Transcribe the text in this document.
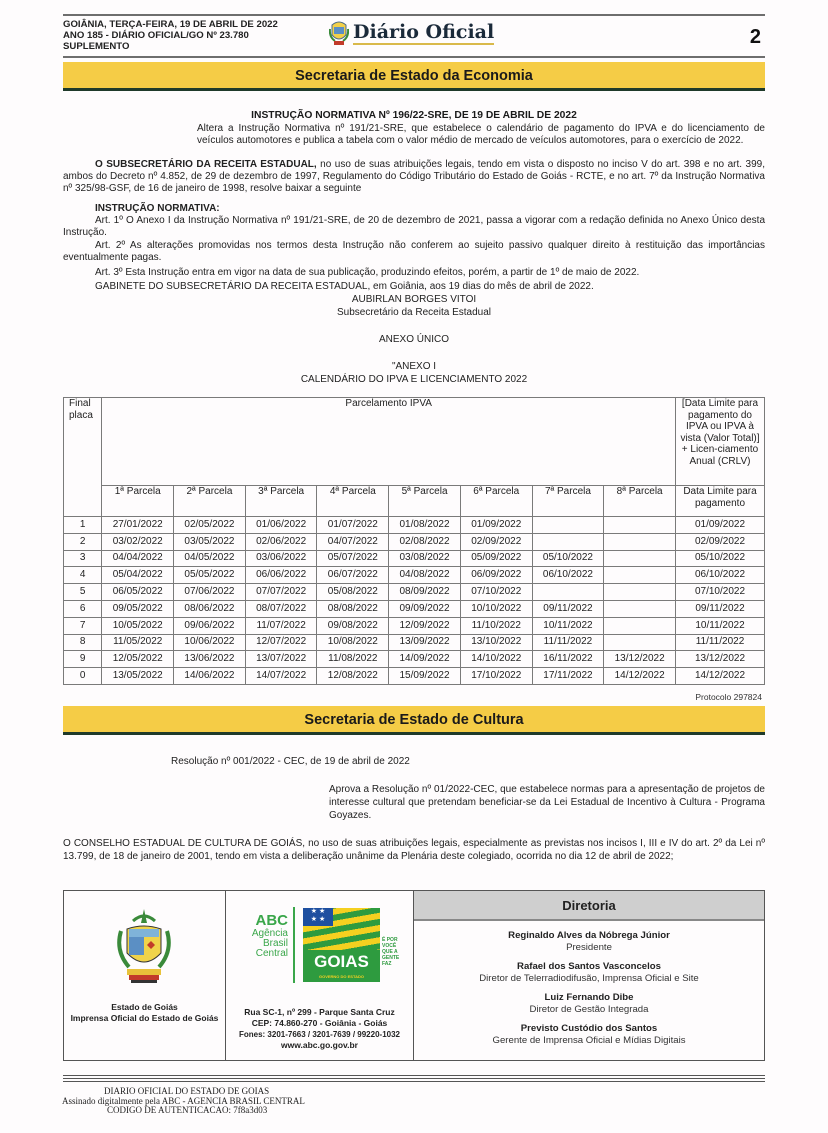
GOIÂNIA, TERÇA-FEIRA, 19 DE ABRIL DE 2022
ANO 185 - DIÁRIO OFICIAL/GO Nº 23.780
SUPLEMENTO
Diário Oficial	2
Secretaria de Estado da Economia
INSTRUÇÃO NORMATIVA Nº 196/22-SRE, DE 19 DE ABRIL DE 2022
Altera a Instrução Normativa nº 191/21-SRE, que estabelece o calendário de pagamento do IPVA e do licenciamento de veículos automotores e publica a tabela com o valor médio de mercado de veículos automotores, para o exercício de 2022.
O SUBSECRETÁRIO DA RECEITA ESTADUAL, no uso de suas atribuições legais, tendo em vista o disposto no inciso V do art. 398 e no art. 399, ambos do Decreto nº 4.852, de 29 de dezembro de 1997, Regulamento do Código Tributário do Estado de Goiás - RCTE, e no art. 7º da Instrução Normativa nº 325/98-GSF, de 16 de janeiro de 1998, resolve baixar a seguinte
INSTRUÇÃO NORMATIVA:
Art. 1º O Anexo I da Instrução Normativa nº 191/21-SRE, de 20 de dezembro de 2021, passa a vigorar com a redação definida no Anexo Único desta Instrução.
Art. 2º As alterações promovidas nos termos desta Instrução não conferem ao sujeito passivo qualquer direito à restituição das importâncias eventualmente pagas.
Art. 3º Esta Instrução entra em vigor na data de sua publicação, produzindo efeitos, porém, a partir de 1º de maio de 2022.
GABINETE DO SUBSECRETÁRIO DA RECEITA ESTADUAL, em Goiânia, aos 19 dias do mês de abril de 2022.
AUBIRLAN BORGES VITOI
Subsecretário da Receita Estadual
ANEXO ÚNICO
"ANEXO I
CALENDÁRIO DO IPVA E LICENCIAMENTO 2022
Final placa	Parcelamento IPVA								[Data Limite para pagamento do IPVA ou IPVA à vista (Valor Total)] + Licen-ciamento Anual (CRLV)
	1ª Parcela	2ª Parcela	3ª Parcela	4ª Parcela	5ª Parcela	6ª Parcela	7ª Parcela	8ª Parcela	Data Limite para pagamento
1	27/01/2022	02/05/2022	01/06/2022	01/07/2022	01/08/2022	01/09/2022			01/09/2022
2	03/02/2022	03/05/2022	02/06/2022	04/07/2022	02/08/2022	02/09/2022			02/09/2022
3	04/04/2022	04/05/2022	03/06/2022	05/07/2022	03/08/2022	05/09/2022	05/10/2022		05/10/2022
4	05/04/2022	05/05/2022	06/06/2022	06/07/2022	04/08/2022	06/09/2022	06/10/2022		06/10/2022
5	06/05/2022	07/06/2022	07/07/2022	05/08/2022	08/09/2022	07/10/2022			07/10/2022
6	09/05/2022	08/06/2022	08/07/2022	08/08/2022	09/09/2022	10/10/2022	09/11/2022		09/11/2022
7	10/05/2022	09/06/2022	11/07/2022	09/08/2022	12/09/2022	11/10/2022	10/11/2022		10/11/2022
8	11/05/2022	10/06/2022	12/07/2022	10/08/2022	13/09/2022	13/10/2022	11/11/2022		11/11/2022
9	12/05/2022	13/06/2022	13/07/2022	11/08/2022	14/09/2022	14/10/2022	16/11/2022	13/12/2022	13/12/2022
0	13/05/2022	14/06/2022	14/07/2022	12/08/2022	15/09/2022	17/10/2022	17/11/2022	14/12/2022	14/12/2022
Protocolo 297824
Secretaria de Estado de Cultura
Resolução nº 001/2022 - CEC, de 19 de abril de 2022
Aprova a Resolução nº 01/2022-CEC, que estabelece normas para a apresentação de projetos de interesse cultural que pretendam beneficiar-se da Lei Estadual de Incentivo à Cultura - Programa Goyazes.
O CONSELHO ESTADUAL DE CULTURA DE GOIÁS, no uso de suas atribuições legais, especialmente as previstas nos incisos I, III e IV do art. 2º da Lei nº 13.799, de 18 de janeiro de 2001, tendo em vista a deliberação unânime da Plenária deste colegiado, ocorrida no dia 12 de abril de 2022;
Estado de Goiás
Imprensa Oficial do Estado de Goiás
ABC
Agência
Brasil
Central
★ ★
★ ★
GOIAS
GOVERNO DO ESTADO
É POR
VOCÊ
QUE A
GENTE
FAZ
Rua SC-1, nº 299 - Parque Santa Cruz
CEP: 74.860-270 - Goiânia - Goiás
Fones: 3201-7663 / 3201-7639 / 99220-1032
www.abc.go.gov.br
Diretoria
Reginaldo Alves da Nóbrega Júnior
Presidente
Rafael dos Santos Vasconcelos
Diretor de Telerradiodifusão, Imprensa Oficial e Site
Luiz Fernando Dibe
Diretor de Gestão Integrada
Previsto Custódio dos Santos
Gerente de Imprensa Oficial e Mídias Digitais
DIARIO OFICIAL DO ESTADO DE GOIAS
Assinado digitalmente pela ABC - AGENCIA BRASIL CENTRAL
CODIGO DE AUTENTICACAO: 7f8a3d03
